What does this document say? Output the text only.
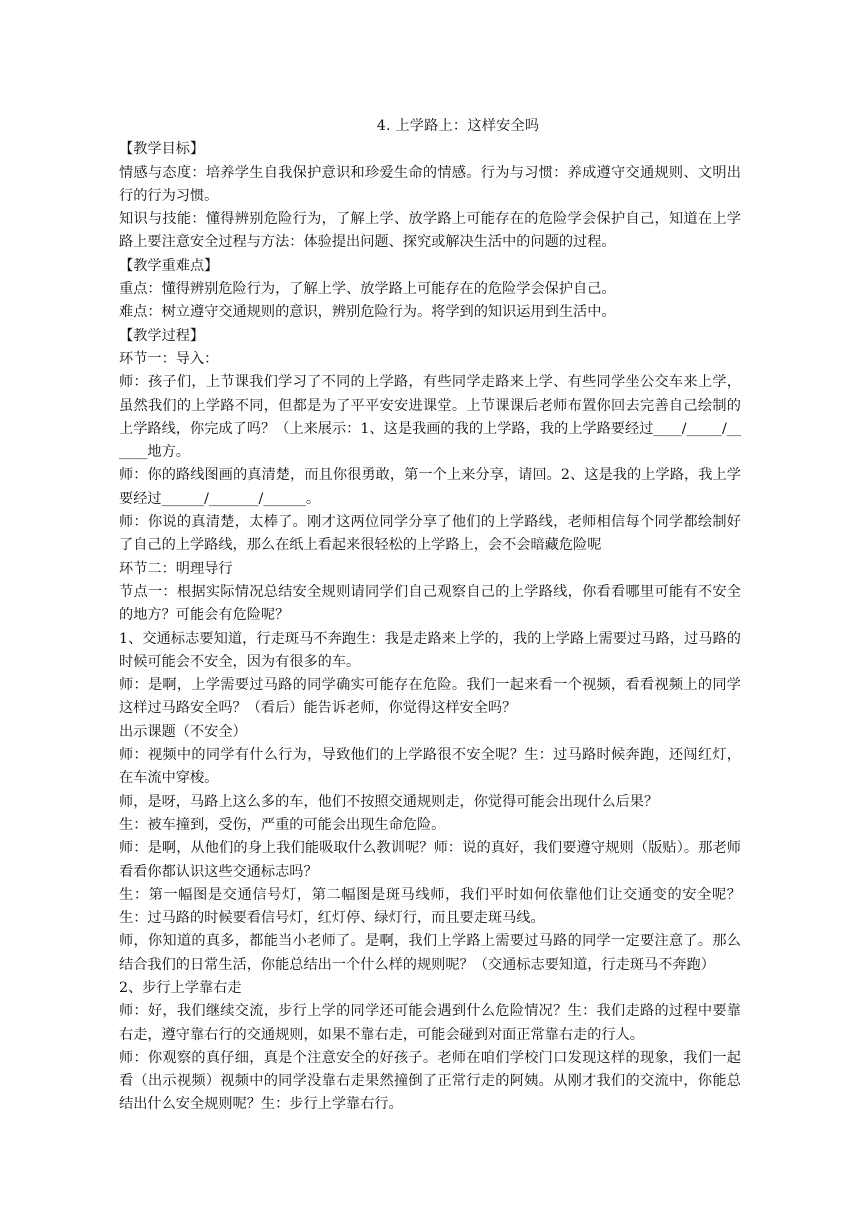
4. 上学路上：这样安全吗
【教学目标】
情感与态度：培养学生自我保护意识和珍爱生命的情感。行为与习惯：养成遵守交通规则、文明出行的行为习惯。
知识与技能：懂得辨别危险行为，了解上学、放学路上可能存在的危险学会保护自己，知道在上学路上要注意安全过程与方法：体验提出问题、探究或解决生活中的问题的过程。
【教学重难点】
重点：懂得辨别危险行为，了解上学、放学路上可能存在的危险学会保护自己。
难点：树立遵守交通规则的意识，辨别危险行为。将学到的知识运用到生活中。
【教学过程】
环节一：导入：
师：孩子们，上节课我们学习了不同的上学路，有些同学走路来上学、有些同学坐公交车来上学，虽然我们的上学路不同，但都是为了平平安安进课堂。上节课课后老师布置你回去完善自己绘制的上学路线，你完成了吗？（上来展示：1、这是我画的我的上学路，我的上学路要经过____/_____/______地方。
师：你的路线图画的真清楚，而且你很勇敢，第一个上来分享，请回。2、这是我的上学路，我上学要经过______/_______/______。
师：你说的真清楚，太棒了。刚才这两位同学分享了他们的上学路线，老师相信每个同学都绘制好了自己的上学路线，那么在纸上看起来很轻松的上学路上，会不会暗藏危险呢
环节二：明理导行
节点一：根据实际情况总结安全规则请同学们自己观察自己的上学路线，你看看哪里可能有不安全的地方？可能会有危险呢？
1、交通标志要知道，行走斑马不奔跑生：我是走路来上学的，我的上学路上需要过马路，过马路的时候可能会不安全，因为有很多的车。
师：是啊，上学需要过马路的同学确实可能存在危险。我们一起来看一个视频，看看视频上的同学这样过马路安全吗？（看后）能告诉老师，你觉得这样安全吗？
出示课题（不安全）
师：视频中的同学有什么行为，导致他们的上学路很不安全呢？生：过马路时候奔跑，还闯红灯，在车流中穿梭。
师，是呀，马路上这么多的车，他们不按照交通规则走，你觉得可能会出现什么后果？
生：被车撞到，受伤，严重的可能会出现生命危险。
师：是啊，从他们的身上我们能吸取什么教训呢？师：说的真好，我们要遵守规则（版贴）。那老师看看你都认识这些交通标志吗？
生：第一幅图是交通信号灯，第二幅图是斑马线师，我们平时如何依靠他们让交通变的安全呢？生：过马路的时候要看信号灯，红灯停、绿灯行，而且要走斑马线。
师，你知道的真多，都能当小老师了。是啊，我们上学路上需要过马路的同学一定要注意了。那么结合我们的日常生活，你能总结出一个什么样的规则呢？（交通标志要知道，行走斑马不奔跑）
2、步行上学靠右走
师：好，我们继续交流，步行上学的同学还可能会遇到什么危险情况？生：我们走路的过程中要靠右走，遵守靠右行的交通规则，如果不靠右走，可能会碰到对面正常靠右走的行人。
师：你观察的真仔细，真是个注意安全的好孩子。老师在咱们学校门口发现这样的现象，我们一起看（出示视频）视频中的同学没靠右走果然撞倒了正常行走的阿姨。从刚才我们的交流中，你能总结出什么安全规则呢？生：步行上学靠右行。
